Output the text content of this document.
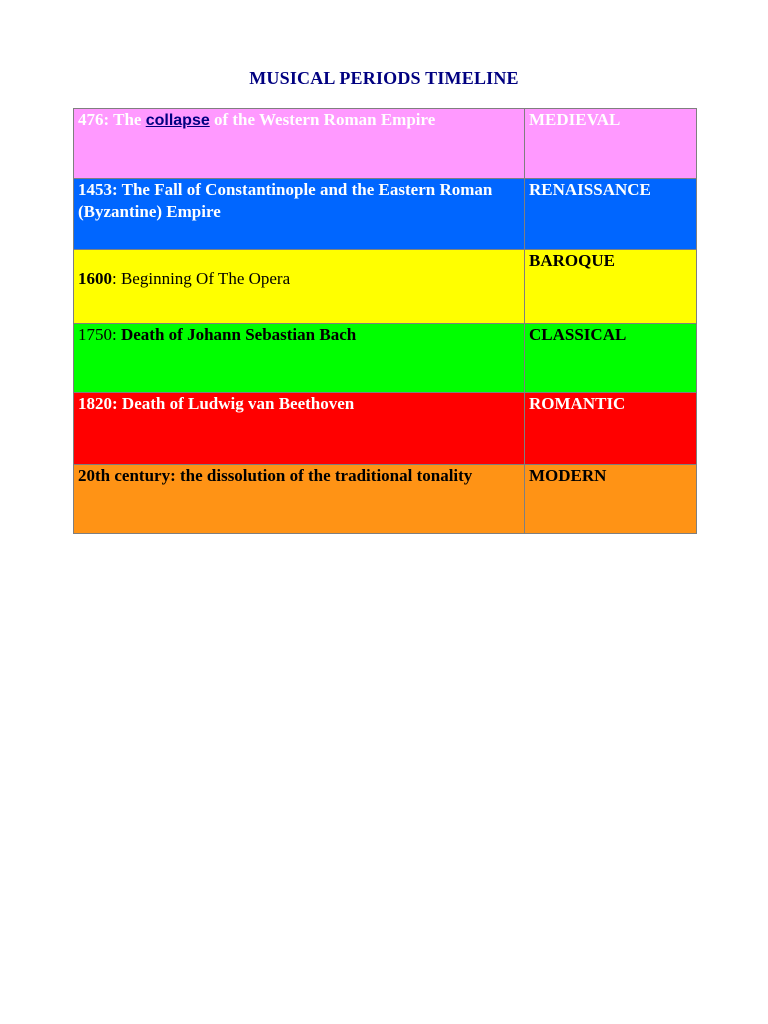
MUSICAL PERIODS TIMELINE
476: The collapse of the Western Roman Empire	MEDIEVAL
1453: The Fall of Constantinople and the Eastern Roman (Byzantine) Empire	RENAISSANCE
1600: Beginning Of The Opera	BAROQUE
1750: Death of Johann Sebastian Bach	CLASSICAL
1820: Death of Ludwig van Beethoven	ROMANTIC
20th century: the dissolution of the traditional tonality	MODERN
